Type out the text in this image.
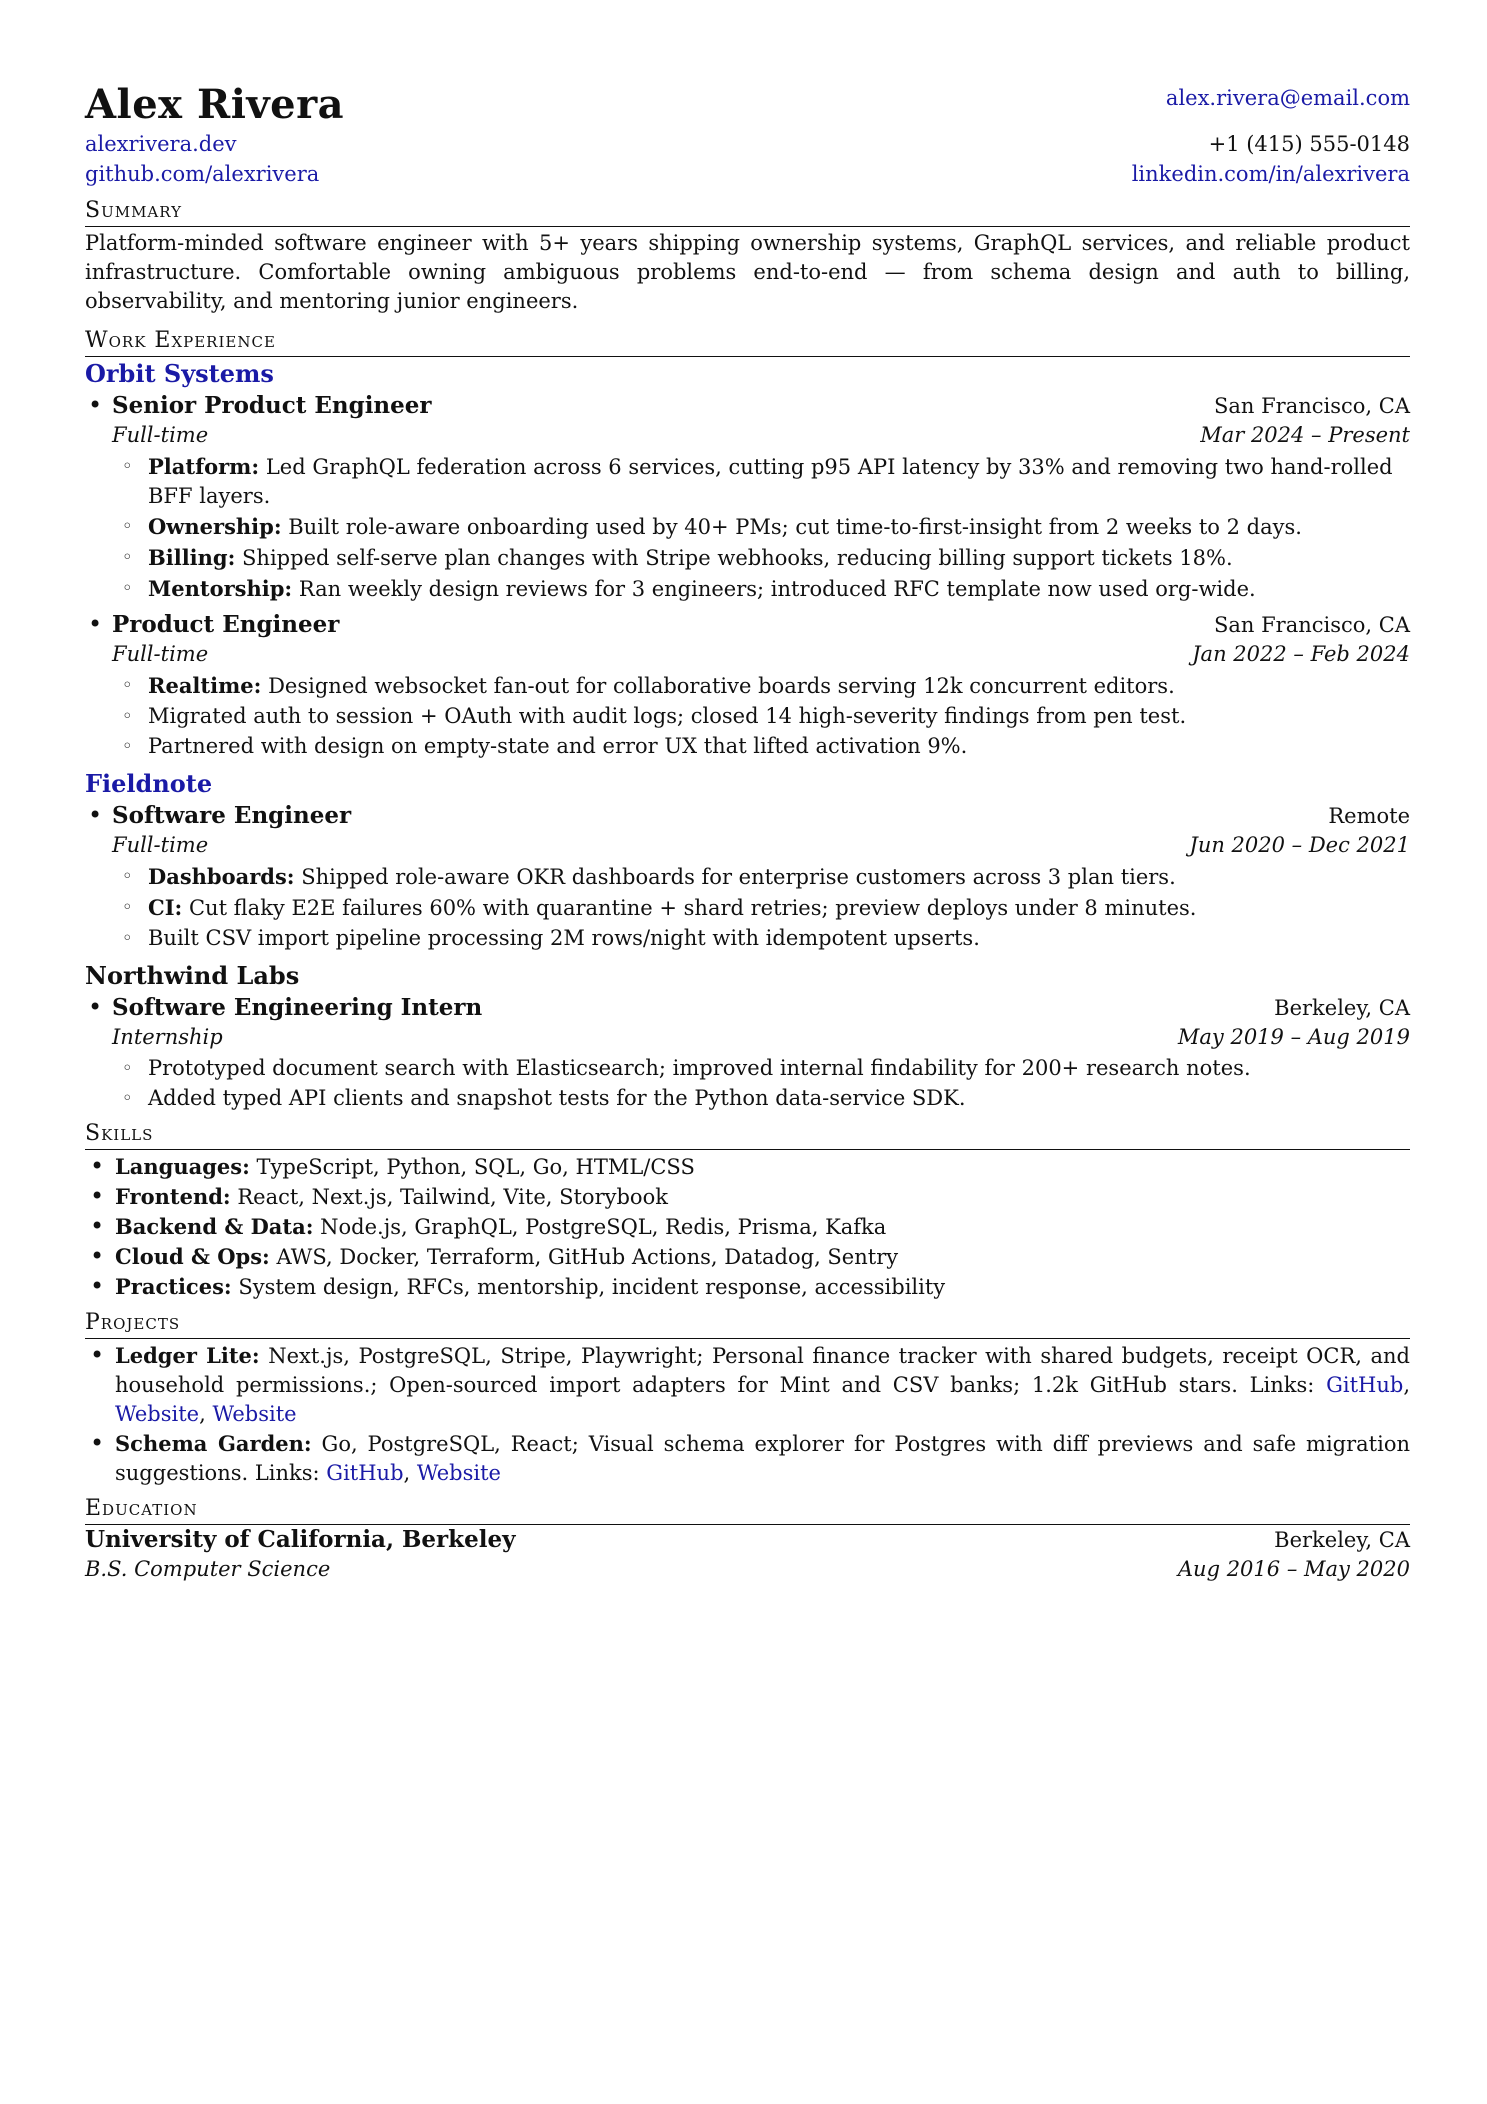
Alex Rivera	alex.rivera@email.com
alexrivera.dev	+1 (415) 555-0148
github.com/alexrivera	linkedin.com/in/alexrivera
Summary
Platform-minded software engineer with 5+ years shipping ownership systems, GraphQL services, and reliable product infrastructure. Comfortable owning ambiguous problems end-to-end — from schema design and auth to billing, observability, and mentoring junior engineers.
Work Experience
Orbit Systems
• Senior Product Engineer	San Francisco, CA
Full-time	Mar 2024 – Present
◦ Platform: Led GraphQL federation across 6 services, cutting p95 API latency by 33% and removing two hand-rolled BFF layers.
◦ Ownership: Built role-aware onboarding used by 40+ PMs; cut time-to-first-insight from 2 weeks to 2 days.
◦ Billing: Shipped self-serve plan changes with Stripe webhooks, reducing billing support tickets 18%.
◦ Mentorship: Ran weekly design reviews for 3 engineers; introduced RFC template now used org-wide.
• Product Engineer	San Francisco, CA
Full-time	Jan 2022 – Feb 2024
◦ Realtime: Designed websocket fan-out for collaborative boards serving 12k concurrent editors.
◦ Migrated auth to session + OAuth with audit logs; closed 14 high-severity findings from pen test.
◦ Partnered with design on empty-state and error UX that lifted activation 9%.
Fieldnote
• Software Engineer	Remote
Full-time	Jun 2020 – Dec 2021
◦ Dashboards: Shipped role-aware OKR dashboards for enterprise customers across 3 plan tiers.
◦ CI: Cut flaky E2E failures 60% with quarantine + shard retries; preview deploys under 8 minutes.
◦ Built CSV import pipeline processing 2M rows/night with idempotent upserts.
Northwind Labs
• Software Engineering Intern	Berkeley, CA
Internship	May 2019 – Aug 2019
◦ Prototyped document search with Elasticsearch; improved internal findability for 200+ research notes.
◦ Added typed API clients and snapshot tests for the Python data-service SDK.
Skills
• Languages: TypeScript, Python, SQL, Go, HTML/CSS
• Frontend: React, Next.js, Tailwind, Vite, Storybook
• Backend & Data: Node.js, GraphQL, PostgreSQL, Redis, Prisma, Kafka
• Cloud & Ops: AWS, Docker, Terraform, GitHub Actions, Datadog, Sentry
• Practices: System design, RFCs, mentorship, incident response, accessibility
Projects
• Ledger Lite: Next.js, PostgreSQL, Stripe, Playwright; Personal finance tracker with shared budgets, receipt OCR, and household permissions.; Open-sourced import adapters for Mint and CSV banks; 1.2k GitHub stars. Links: GitHub, Website, Website
• Schema Garden: Go, PostgreSQL, React; Visual schema explorer for Postgres with diff previews and safe migration suggestions. Links: GitHub, Website
Education
University of California, Berkeley	Berkeley, CA
B.S. Computer Science	Aug 2016 – May 2020
